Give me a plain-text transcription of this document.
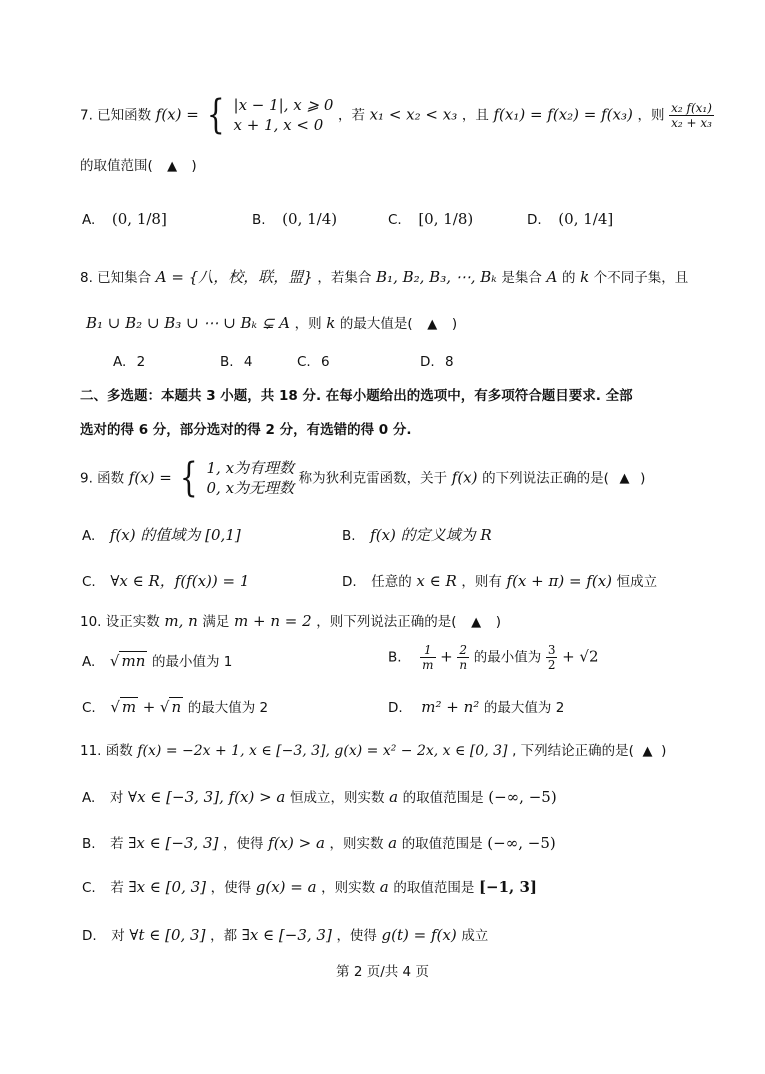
7. 已知函数 f(x) = { |x − 1|, x ⩾ 0
x + 1, x < 0
，若 x₁ < x₂ < x₃ ，且 f(x₁) = f(x₂) = f(x₃) ，则 $\frac{\text{x₂ f(x₁)}}{\text{x₂ + x₃}}$
的取值范围( ▲ )
A. (0, 1/8]	B. (0, 1/4)	C. [0, 1/8)	D. (0, 1/4]
8. 已知集合 A = {八，校，联，盟} ，若集合 B₁, B₂, B₃, ⋯, Bₖ 是集合 A 的 k 个不同子集，且
B₁ ∪ B₂ ∪ B₃ ∪ ⋯ ∪ Bₖ ⊊ A ，则 k 的最大值是( ▲ )
A. 2	B. 4	C. 6	D. 8
二、多选题：本题共 3 小题，共 18 分. 在每小题给出的选项中，有多项符合题目要求. 全部
选对的得 6 分，部分选对的得 2 分，有选错的得 0 分.
9. 函数 f(x) = { 1, x为有理数
0, x为无理数
称为狄利克雷函数，关于 f(x) 的下列说法正确的是( ▲ )
A. f(x) 的值域为 [0,1]	B. f(x) 的定义域为 R
C. ∀x ∈ R，f(f(x)) = 1	D. 任意的 x ∈ R ，则有 f(x + π) = f(x) 恒成立
10. 设正实数 m, n 满足 m + n = 2 ，则下列说法正确的是( ▲ )
A. √ mn 的最小值为 1	B. $\frac{1}{m} + \frac{2}{n}$ 的最小值为 $\frac{3}{2} + √2$
C. √ m + √ n 的最大值为 2	D. m² + n² 的最大值为 2
11. 函数 f(x) = −2x + 1, x ∈ [−3, 3], g(x) = x² − 2x, x ∈ [0, 3] , 下列结论正确的是( ▲ )
A. 对 ∀x ∈ [−3, 3], f(x) > a 恒成立，则实数 a 的取值范围是 (−∞, −5)
B. 若 ∃x ∈ [−3, 3] ，使得 f(x) > a ，则实数 a 的取值范围是 (−∞, −5)
C. 若 ∃x ∈ [0, 3] ，使得 g(x) = a ，则实数 a 的取值范围是 [−1, 3]
D. 对 ∀t ∈ [0, 3] ，都 ∃x ∈ [−3, 3] ，使得 g(t) = f(x) 成立
第 2 页/共 4 页
